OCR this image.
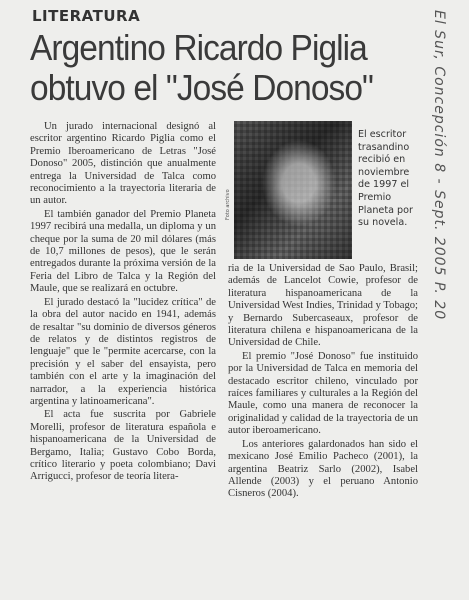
LITERATURA
Argentino Ricardo Piglia
obtuvo el "José Donoso"

Un jurado internacional designó al escritor argentino Ricardo Piglia como el Premio Iberoamericano de Letras "José Donoso" 2005, distinción que anualmente entrega la Universidad de Talca como reconocimiento a la trayectoria literaria de un autor.

El también ganador del Premio Planeta 1997 recibirá una medalla, un diploma y un cheque por la suma de 20 mil dólares (más de 10,7 millones de pesos), que le serán entregados durante la próxima versión de la Feria del Libro de Talca y la Región del Maule, que se realizará en octubre.

El jurado destacó la "lucidez crítica" de la obra del autor nacido en 1941, además de resaltar "su dominio de diversos géneros de relatos y de distintos registros de lenguaje" que le "permite acercarse, con la precisión y el saber del ensayista, pero también con el arte y la imaginación del narrador, a la experiencia histórica argentina y latinoamericana".

El acta fue suscrita por Gabriele Morelli, profesor de literatura española e hispanoamericana de la Universidad de Bergamo, Italia; Gustavo Cobo Borda, crítico literario y poeta colombiano; Davi Arrigucci, profesor de teoría litera-

Foto archivo
El escritor trasandino recibió en noviembre de 1997 el Premio Planeta por su novela.

ria de la Universidad de Sao Paulo, Brasil; además de Lancelot Cowie, profesor de literatura hispanoamericana de la Universidad West Indies, Trinidad y Tobago; y Bernardo Subercaseaux, profesor de literatura chilena e hispanoamericana de la Universidad de Chile.

El premio "José Donoso" fue instituido por la Universidad de Talca en memoria del destacado escritor chileno, vinculado por raíces familiares y culturales a la Región del Maule, como una manera de reconocer la originalidad y calidad de la trayectoria de un autor iberoamericano.

Los anteriores galardonados han sido el mexicano José Emilio Pacheco (2001), la argentina Beatriz Sarlo (2002), Isabel Allende (2003) y el peruano Antonio Cisneros (2004).

El Sur, Concepción 8 - Sept. 2005 P. 20
